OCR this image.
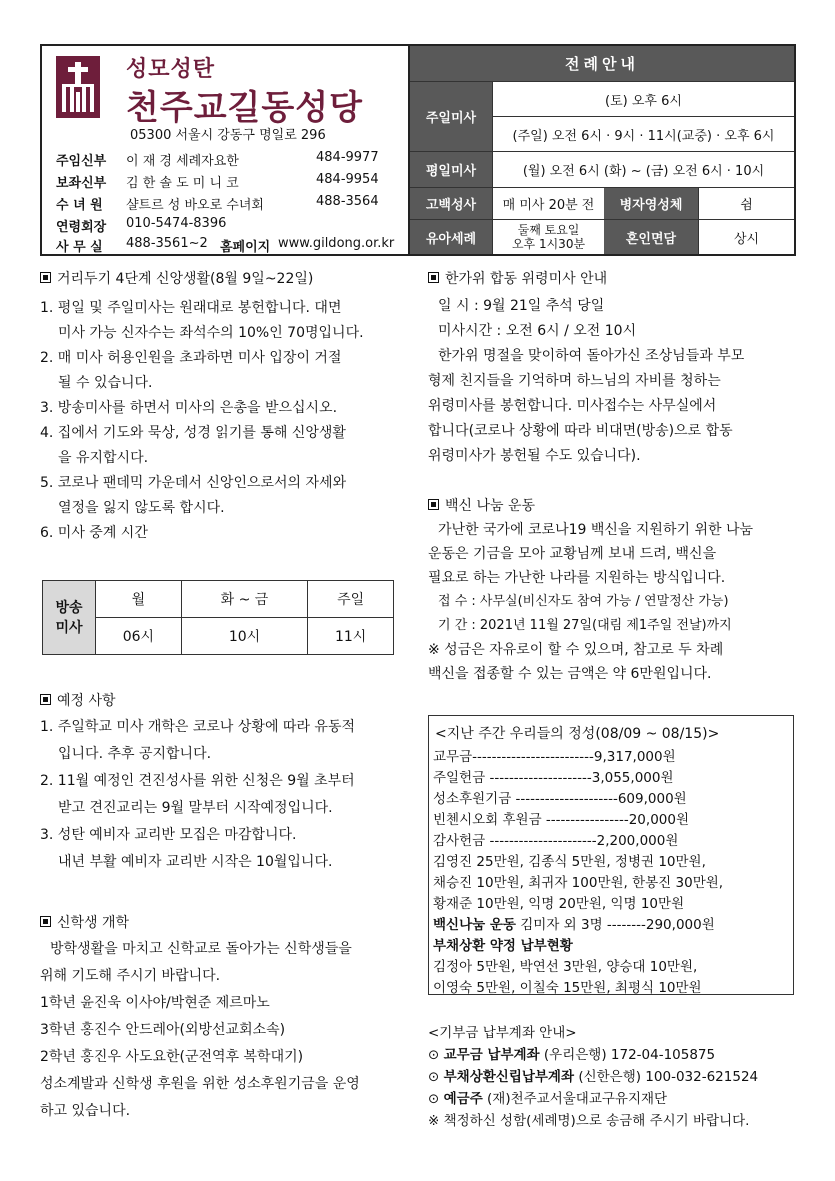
성모성탄
천주교길동성당
05300 서울시 강동구 명일로 296
주임신부 이 재 경 세례자요한	484-9977
보좌신부 김 한 솔 도 미 니 코	484-9954
수 녀 원 샬트르 성 바오로 수녀회	488-3564
연령회장 010-5474-8396
사 무 실 488-3561~2 홈페이지 www.gildong.or.kr
전례안내
주일미사
(토) 오후 6시
(주일) 오전 6시 · 9시 · 11시(교중) · 오후 6시
평일미사	(월) 오전 6시 (화) ~ (금) 오전 6시 · 10시
고백성사	매 미사 20분 전	병자영성체	쉼
유아세례
둘째 토요일
오후 1시30분	혼인면담	상시
거리두기 4단계 신앙생활(8월 9일~22일)
1. 평일 및 주일미사는 원래대로 봉헌합니다. 대면
미사 가능 신자수는 좌석수의 10%인 70명입니다.
2. 매 미사 허용인원을 초과하면 미사 입장이 거절
될 수 있습니다.
3. 방송미사를 하면서 미사의 은총을 받으십시오.
4. 집에서 기도와 묵상, 성경 읽기를 통해 신앙생활
을 유지합시다.
5. 코로나 팬데믹 가운데서 신앙인으로서의 자세와
열정을 잃지 않도록 합시다.
6. 미사 중계 시간
방송
미사	월	화 ~ 금	주일
	06시	10시	11시
예정 사항
1. 주일학교 미사 개학은 코로나 상황에 따라 유동적
입니다. 추후 공지합니다.
2. 11월 예정인 견진성사를 위한 신청은 9월 초부터
받고 견진교리는 9월 말부터 시작예정입니다.
3. 성탄 예비자 교리반 모집은 마감합니다.
내년 부활 예비자 교리반 시작은 10월입니다.
신학생 개학
방학생활을 마치고 신학교로 돌아가는 신학생들을
위해 기도해 주시기 바랍니다.
1학년 윤진욱 이사야/박현준 제르마노
3학년 홍진수 안드레아(외방선교회소속)
2학년 홍진우 사도요한(군전역후 복학대기)
성소계발과 신학생 후원을 위한 성소후원기금을 운영
하고 있습니다.
한가위 합동 위령미사 안내
일 시 : 9월 21일 추석 당일
미사시간 : 오전 6시 / 오전 10시
한가위 명절을 맞이하여 돌아가신 조상님들과 부모
형제 친지들을 기억하며 하느님의 자비를 청하는
위령미사를 봉헌합니다. 미사접수는 사무실에서
합니다(코로나 상황에 따라 비대면(방송)으로 합동
위령미사가 봉헌될 수도 있습니다).
백신 나눔 운동
가난한 국가에 코로나19 백신을 지원하기 위한 나눔
운동은 기금을 모아 교황님께 보내 드려, 백신을
필요로 하는 가난한 나라를 지원하는 방식입니다.
접 수 : 사무실(비신자도 참여 가능 / 연말정산 가능)
기 간 : 2021년 11월 27일(대림 제1주일 전날)까지
※ 성금은 자유로이 할 수 있으며, 참고로 두 차례
백신을 접종할 수 있는 금액은 약 6만원입니다.
<지난 주간 우리들의 정성(08/09 ~ 08/15)>
교무금-------------------------9,317,000원
주일헌금 ---------------------3,055,000원
성소후원기금 ---------------------609,000원
빈첸시오회 후원금 -----------------20,000원
감사헌금 ----------------------2,200,000원
김영진 25만원, 김종식 5만원, 정병권 10만원,
채승진 10만원, 최귀자 100만원, 한봉진 30만원,
황재준 10만원, 익명 20만원, 익명 10만원
백신나눔 운동 김미자 외 3명 --------290,000원
부채상환 약정 납부현황
김정아 5만원, 박연선 3만원, 양승대 10만원,
이영숙 5만원, 이칠숙 15만원, 최평식 10만원
<기부금 납부계좌 안내>
⊙ 교무금 납부계좌 (우리은행) 172-04-105875
⊙ 부채상환신립납부계좌 (신한은행) 100-032-621524
⊙ 예금주 (재)천주교서울대교구유지재단
※ 책정하신 성함(세례명)으로 송금해 주시기 바랍니다.
